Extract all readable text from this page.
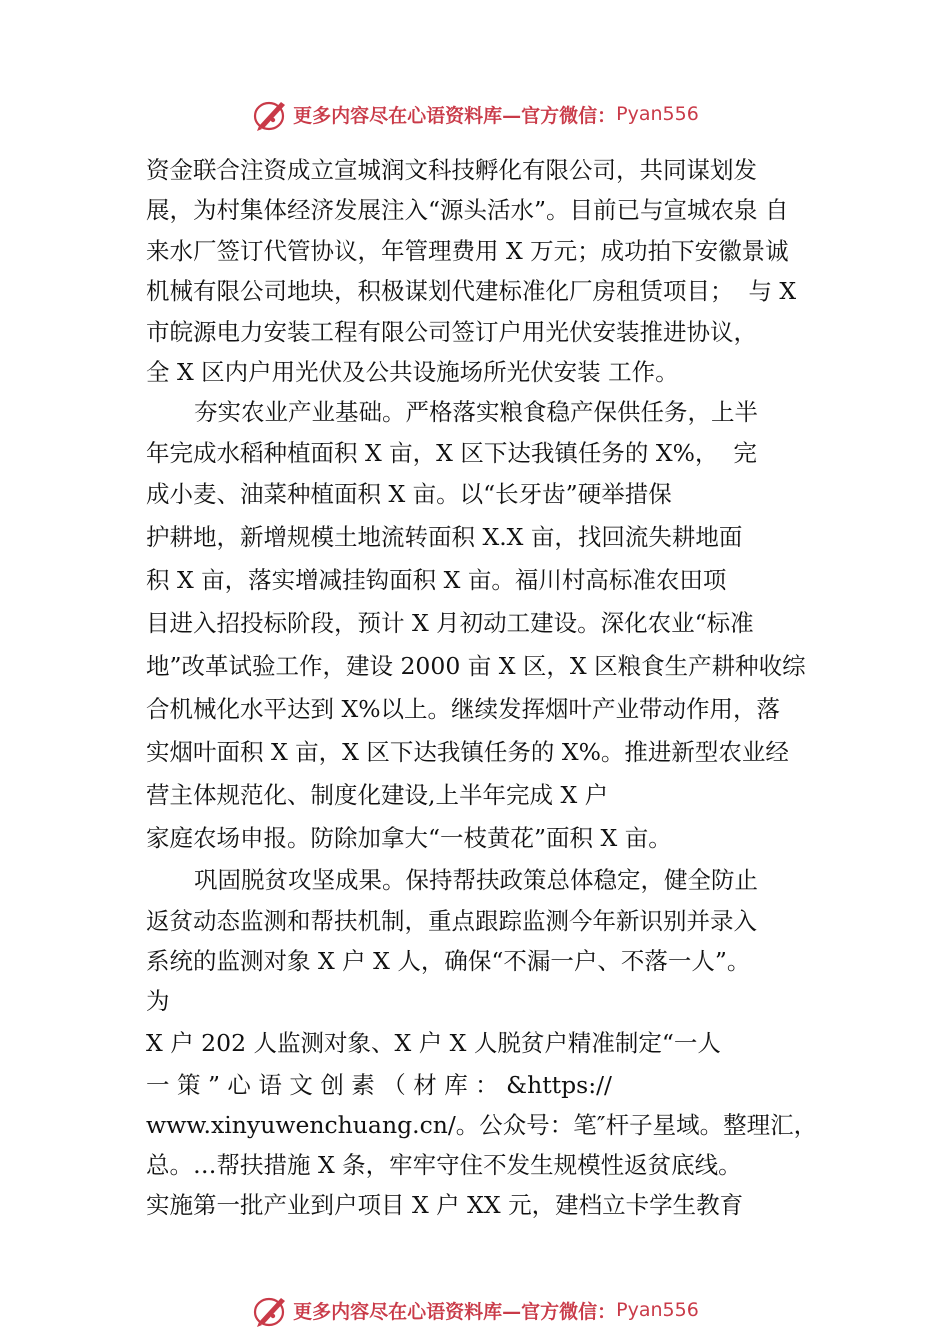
更多内容尽在心语资料库—官方微信： Pyan556
资金联合注资成立宣城润文科技孵化有限公司，共同谋划发
展，为村集体经济发展注入“源头活水”。目前已与宣城农泉 自
来水厂签订代管协议，年管理费用 X 万元；成功拍下安徽景诚
机械有限公司地块，积极谋划代建标准化厂房租赁项目；  与 X
市皖源电力安装工程有限公司签订户用光伏安装推进协议，
全 X 区内户用光伏及公共设施场所光伏安装 工作。
夯实农业产业基础。严格落实粮食稳产保供任务，上半
年完成水稻种植面积 X 亩，X 区下达我镇任务的 X%，  完
成小麦、油菜种植面积 X 亩。以“长牙齿”硬举措保
护耕地，新增规模土地流转面积 X.X 亩，找回流失耕地面
积 X 亩，落实增减挂钩面积 X 亩。福川村高标准农田项
目进入招投标阶段，预计 X 月初动工建设。深化农业“标准
地”改革试验工作，建设 2000 亩 X 区，X 区粮食生产耕种收综
合机械化水平达到 X%以上。继续发挥烟叶产业带动作用，落
实烟叶面积 X 亩，X 区下达我镇任务的 X%。推进新型农业经
营主体规范化、制度化建设,上半年完成 X 户
家庭农场申报。防除加拿大“一枝黄花”面积 X 亩。
巩固脱贫攻坚成果。保持帮扶政策总体稳定，健全防止
返贫动态监测和帮扶机制，重点跟踪监测今年新识别并录入
系统的监测对象 X 户 X 人，确保“不漏一户、不落一人”。
为
X 户 202 人监测对象、X 户 X 人脱贫户精准制定“一人
一 策 ” 心 语 文 创 素 （ 材 库 ： &https://
www.xinyuwenchuang.cn/。公众号：笔″杆子星域。整理汇，
总。…帮扶措施 X 条，牢牢守住不发生规模性返贫底线。
实施第一批产业到户项目 X 户 XX 元，建档立卡学生教育
更多内容尽在心语资料库—官方微信： Pyan556
